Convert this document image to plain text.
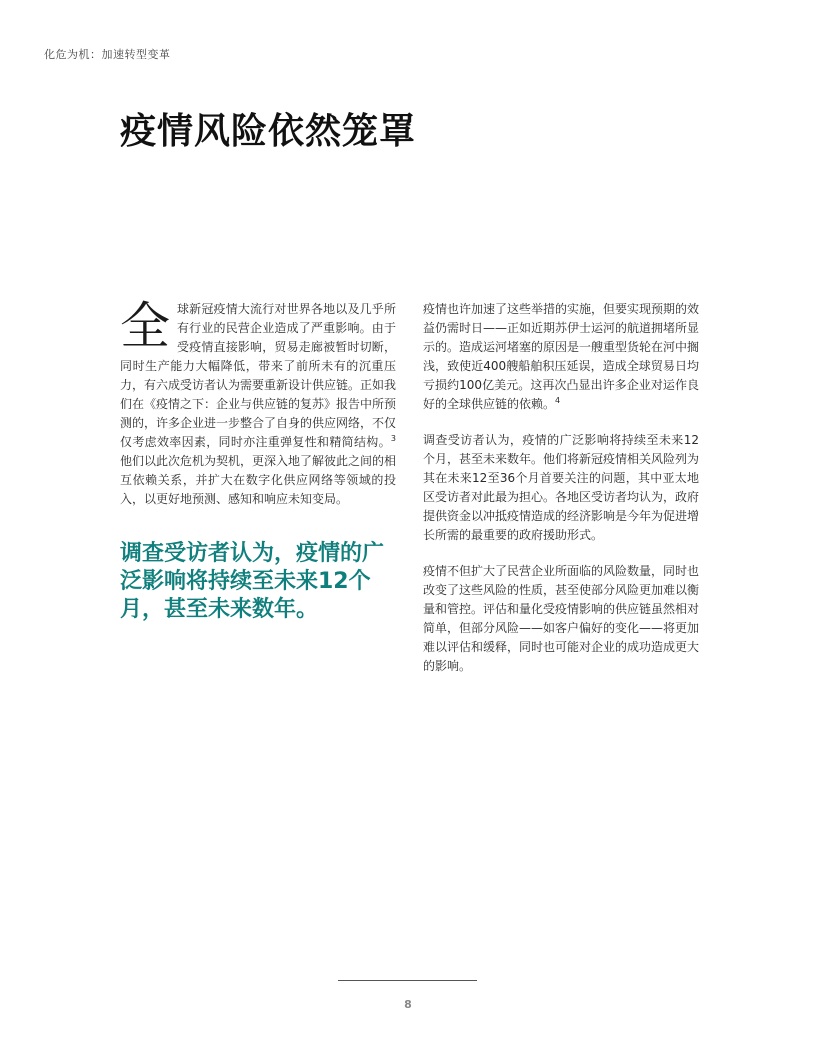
化危为机：加速转型变革
疫情风险依然笼罩

全球新冠疫情大流行对世界各地以及几乎所有行业的民营企业造成了严重影响。由于受疫情直接影响，贸易走廊被暂时切断，同时生产能力大幅降低，带来了前所未有的沉重压力，有六成受访者认为需要重新设计供应链。正如我们在《疫情之下：企业与供应链的复苏》报告中所预测的，许多企业进一步整合了自身的供应网络，不仅仅考虑效率因素，同时亦注重弹复性和精简结构。$^3$他们以此次危机为契机，更深入地了解彼此之间的相互依赖关系，并扩大在数字化供应网络等领域的投入，以更好地预测、感知和响应未知变局。

调查受访者认为，疫情的广泛影响将持续至未来12个月，甚至未来数年。

疫情也许加速了这些举措的实施，但要实现预期的效益仍需时日——正如近期苏伊士运河的航道拥堵所显示的。造成运河堵塞的原因是一艘重型货轮在河中搁浅，致使近400艘船舶积压延误，造成全球贸易日均亏损约100亿美元。这再次凸显出许多企业对运作良好的全球供应链的依赖。$^4$

调查受访者认为，疫情的广泛影响将持续至未来12个月，甚至未来数年。他们将新冠疫情相关风险列为其在未来12至36个月首要关注的问题，其中亚太地区受访者对此最为担心。各地区受访者均认为，政府提供资金以冲抵疫情造成的经济影响是今年为促进增长所需的最重要的政府援助形式。

疫情不但扩大了民营企业所面临的风险数量，同时也改变了这些风险的性质，甚至使部分风险更加难以衡量和管控。评估和量化受疫情影响的供应链虽然相对简单，但部分风险——如客户偏好的变化——将更加难以评估和缓释，同时也可能对企业的成功造成更大的影响。

8
